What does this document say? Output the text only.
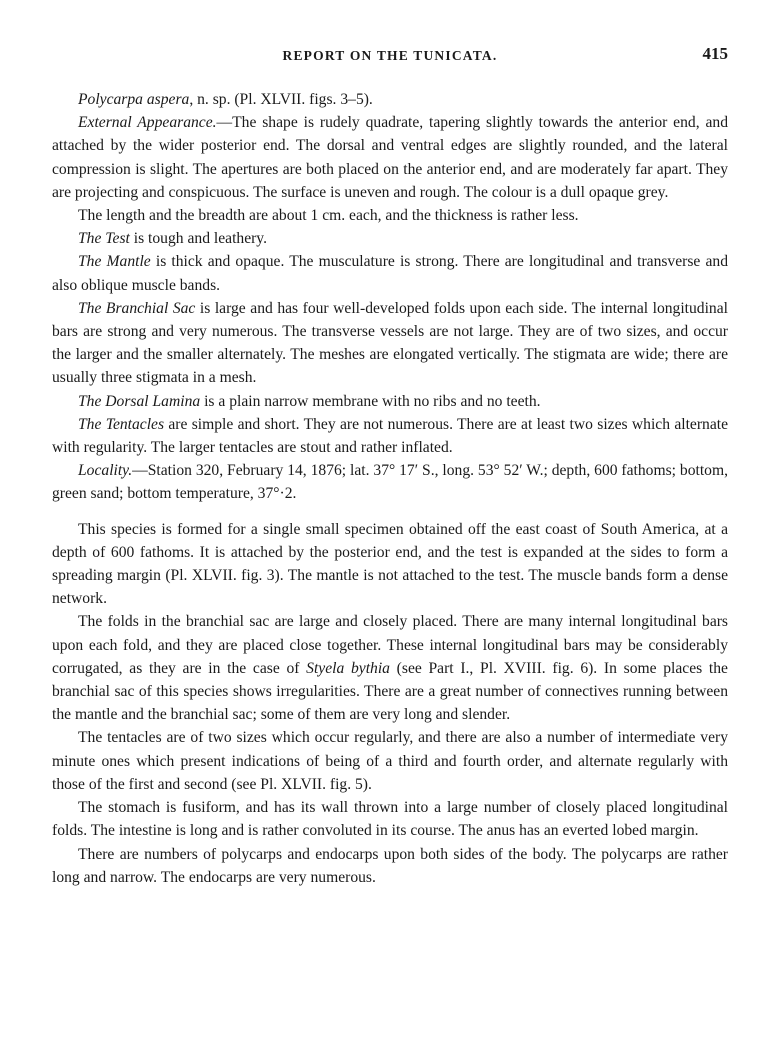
REPORT ON THE TUNICATA.	415

Polycarpa aspera, n. sp. (Pl. XLVII. figs. 3–5).

External Appearance.—The shape is rudely quadrate, tapering slightly towards the anterior end, and attached by the wider posterior end. The dorsal and ventral edges are slightly rounded, and the lateral compression is slight. The apertures are both placed on the anterior end, and are moderately far apart. They are projecting and conspicuous. The surface is uneven and rough. The colour is a dull opaque grey.

The length and the breadth are about 1 cm. each, and the thickness is rather less.

The Test is tough and leathery.

The Mantle is thick and opaque. The musculature is strong. There are longitudinal and transverse and also oblique muscle bands.

The Branchial Sac is large and has four well-developed folds upon each side. The internal longitudinal bars are strong and very numerous. The transverse vessels are not large. They are of two sizes, and occur the larger and the smaller alternately. The meshes are elongated vertically. The stigmata are wide; there are usually three stigmata in a mesh.

The Dorsal Lamina is a plain narrow membrane with no ribs and no teeth.

The Tentacles are simple and short. They are not numerous. There are at least two sizes which alternate with regularity. The larger tentacles are stout and rather inflated.

Locality.—Station 320, February 14, 1876; lat. 37° 17′ S., long. 53° 52′ W.; depth, 600 fathoms; bottom, green sand; bottom temperature, 37°·2.

This species is formed for a single small specimen obtained off the east coast of South America, at a depth of 600 fathoms. It is attached by the posterior end, and the test is expanded at the sides to form a spreading margin (Pl. XLVII. fig. 3). The mantle is not attached to the test. The muscle bands form a dense network.

The folds in the branchial sac are large and closely placed. There are many internal longitudinal bars upon each fold, and they are placed close together. These internal longitudinal bars may be considerably corrugated, as they are in the case of Styela bythia (see Part I., Pl. XVIII. fig. 6). In some places the branchial sac of this species shows irregularities. There are a great number of connectives running between the mantle and the branchial sac; some of them are very long and slender.

The tentacles are of two sizes which occur regularly, and there are also a number of intermediate very minute ones which present indications of being of a third and fourth order, and alternate regularly with those of the first and second (see Pl. XLVII. fig. 5).

The stomach is fusiform, and has its wall thrown into a large number of closely placed longitudinal folds. The intestine is long and is rather convoluted in its course. The anus has an everted lobed margin.

There are numbers of polycarps and endocarps upon both sides of the body. The polycarps are rather long and narrow. The endocarps are very numerous.
